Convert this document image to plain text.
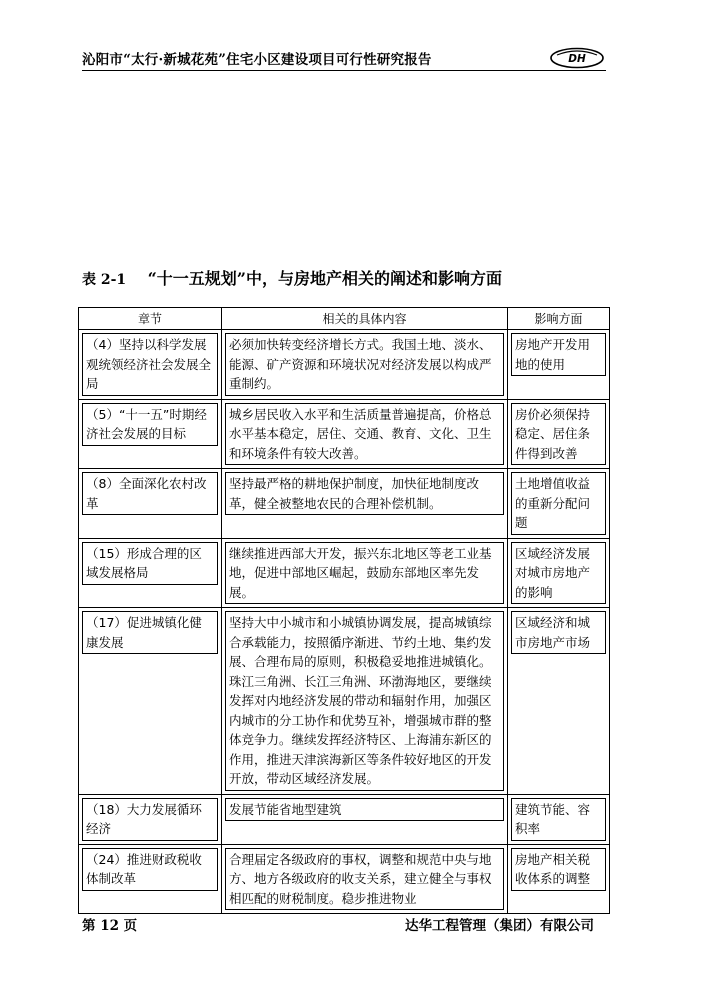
沁阳市“太行·新城花苑”住宅小区建设项目可行性研究报告	DH
表 2-1 “十一五规划”中，与房地产相关的阐述和影响方面
章节	相关的具体内容	影响方面

（4）坚持以科学发展观统领经济社会发展全局	必须加快转变经济增长方式。我国土地、淡水、能源、矿产资源和环境状况对经济发展以构成严重制约。	房地产开发用地的使用

（5）“十一五”时期经济社会发展的目标	城乡居民收入水平和生活质量普遍提高，价格总水平基本稳定，居住、交通、教育、文化、卫生和环境条件有较大改善。	房价必须保持稳定、居住条件得到改善

（8）全面深化农村改革	坚持最严格的耕地保护制度，加快征地制度改革，健全被整地农民的合理补偿机制。	土地增值收益的重新分配问题

（15）形成合理的区域发展格局	继续推进西部大开发，振兴东北地区等老工业基地，促进中部地区崛起，鼓励东部地区率先发展。	区域经济发展对城市房地产的影响

（17）促进城镇化健康发展	坚持大中小城市和小城镇协调发展，提高城镇综合承载能力，按照循序渐进、节约土地、集约发展、合理布局的原则，积极稳妥地推进城镇化。珠江三角洲、长江三角洲、环渤海地区，要继续发挥对内地经济发展的带动和辐射作用，加强区内城市的分工协作和优势互补，增强城市群的整体竞争力。继续发挥经济特区、上海浦东新区的作用，推进天津滨海新区等条件较好地区的开发开放，带动区域经济发展。	区域经济和城市房地产市场

（18）大力发展循环经济	发展节能省地型建筑	建筑节能、容积率

（24）推进财政税收体制改革	合理届定各级政府的事权，调整和规范中央与地方、地方各级政府的收支关系，建立健全与事权相匹配的财税制度。稳步推进物业	房地产相关税收体系的调整
第 12 页	达华工程管理（集团）有限公司
